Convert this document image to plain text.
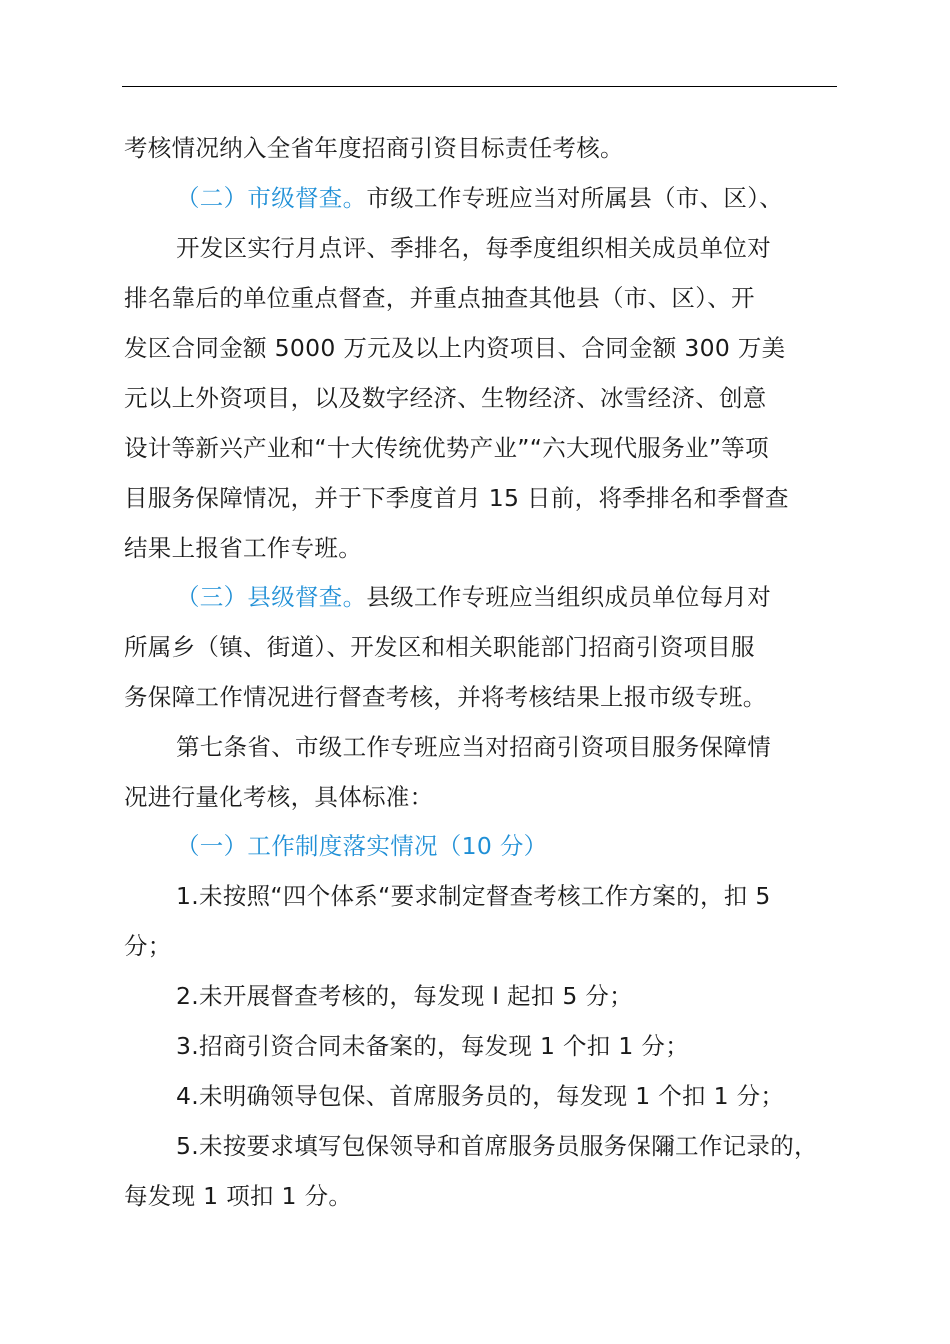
考核情况纳入全省年度招商引资目标责任考核。
（二）市级督查。市级工作专班应当对所属县（市、区）、
开发区实行月点评、季排名，每季度组织相关成员单位对
排名靠后的单位重点督查，并重点抽查其他县（市、区）、开
发区合同金额 5000 万元及以上内资项目、合同金额 300 万美
元以上外资项目，以及数字经济、生物经济、冰雪经济、创意
设计等新兴产业和“十大传统优势产业”“六大现代服务业”等项
目服务保障情况，并于下季度首月 15 日前，将季排名和季督查
结果上报省工作专班。
（三）县级督查。县级工作专班应当组织成员单位每月对
所属乡（镇、街道）、开发区和相关职能部门招商引资项目服
务保障工作情况进行督查考核，并将考核结果上报市级专班。
第七条省、市级工作专班应当对招商引资项目服务保障情
况进行量化考核，具体标准：
（一）工作制度落实情况（10 分）
1.未按照“四个体系“要求制定督查考核工作方案的，扣 5
分；
2.未开展督查考核的，每发现 l 起扣 5 分；
3.招商引资合同未备案的，每发现 1 个扣 1 分；
4.未明确领导包保、首席服务员的，每发现 1 个扣 1 分；
5.未按要求填写包保领导和首席服务员服务保隬工作记录的，
每发现 1 项扣 1 分。
